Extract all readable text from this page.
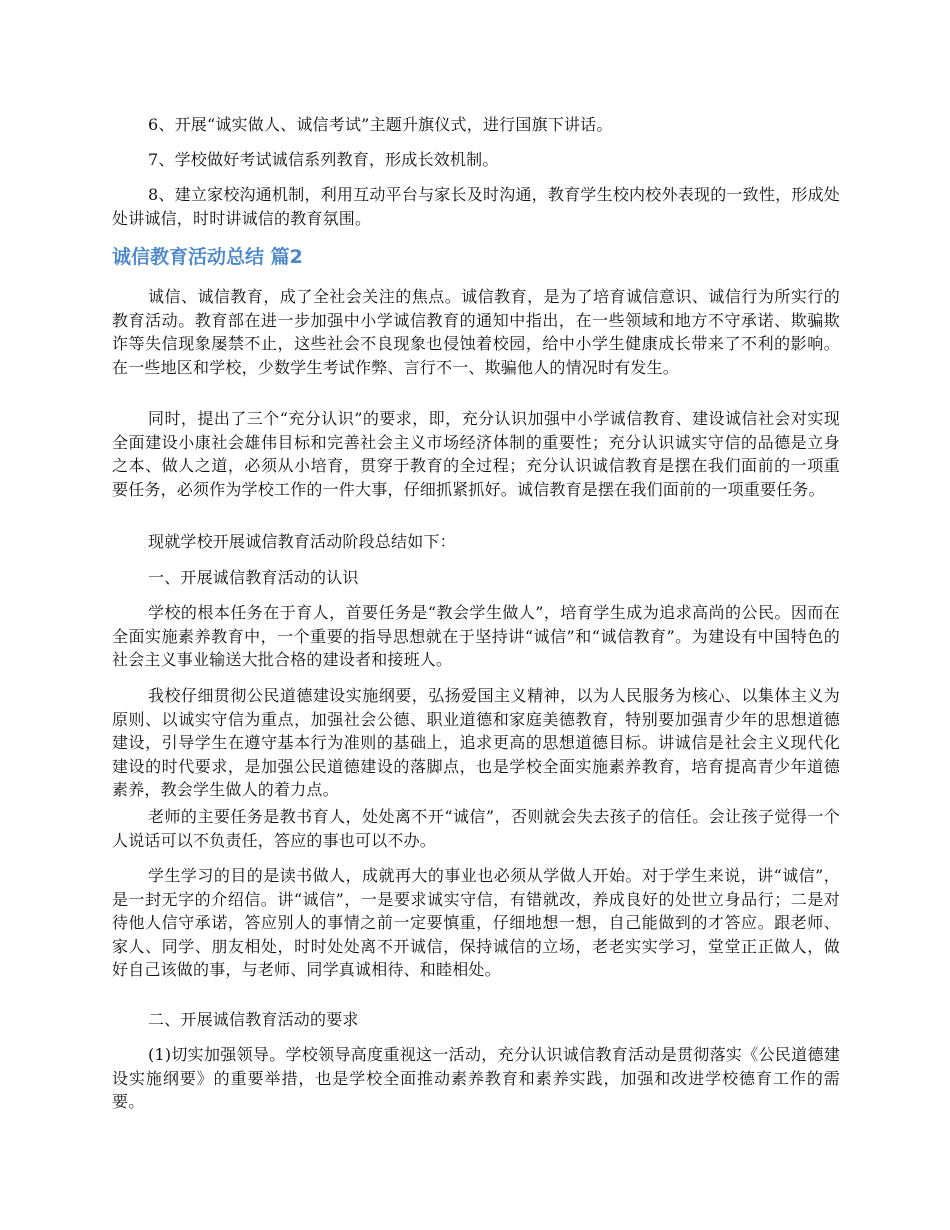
6、开展“诚实做人、诚信考试”主题升旗仪式，进行国旗下讲话。

7、学校做好考试诚信系列教育，形成长效机制。

8、建立家校沟通机制，利用互动平台与家长及时沟通，教育学生校内校外表现的一致性，形成处处讲诚信，时时讲诚信的教育氛围。

诚信教育活动总结 篇2

诚信、诚信教育，成了全社会关注的焦点。诚信教育，是为了培育诚信意识、诚信行为所实行的教育活动。教育部在进一步加强中小学诚信教育的通知中指出，在一些领域和地方不守承诺、欺骗欺诈等失信现象屡禁不止，这些社会不良现象也侵蚀着校园，给中小学生健康成长带来了不利的影响。在一些地区和学校，少数学生考试作弊、言行不一、欺骗他人的情况时有发生。

同时，提出了三个“充分认识”的要求，即，充分认识加强中小学诚信教育、建设诚信社会对实现全面建设小康社会雄伟目标和完善社会主义市场经济体制的重要性；充分认识诚实守信的品德是立身之本、做人之道，必须从小培育，贯穿于教育的全过程；充分认识诚信教育是摆在我们面前的一项重要任务，必须作为学校工作的一件大事，仔细抓紧抓好。诚信教育是摆在我们面前的一项重要任务。

现就学校开展诚信教育活动阶段总结如下：

一、开展诚信教育活动的认识

学校的根本任务在于育人，首要任务是“教会学生做人”，培育学生成为追求高尚的公民。因而在全面实施素养教育中，一个重要的指导思想就在于坚持讲“诚信”和“诚信教育”。为建设有中国特色的社会主义事业输送大批合格的建设者和接班人。

我校仔细贯彻公民道德建设实施纲要，弘扬爱国主义精神，以为人民服务为核心、以集体主义为原则、以诚实守信为重点，加强社会公德、职业道德和家庭美德教育，特别要加强青少年的思想道德建设，引导学生在遵守基本行为准则的基础上，追求更高的思想道德目标。讲诚信是社会主义现代化建设的时代要求，是加强公民道德建设的落脚点，也是学校全面实施素养教育，培育提高青少年道德素养，教会学生做人的着力点。

老师的主要任务是教书育人，处处离不开“诚信”，否则就会失去孩子的信任。会让孩子觉得一个人说话可以不负责任，答应的事也可以不办。

学生学习的目的是读书做人，成就再大的事业也必须从学做人开始。对于学生来说，讲“诚信”，是一封无字的介绍信。讲“诚信”，一是要求诚实守信，有错就改，养成良好的处世立身品行；二是对待他人信守承诺，答应别人的事情之前一定要慎重，仔细地想一想，自己能做到的才答应。跟老师、家人、同学、朋友相处，时时处处离不开诚信，保持诚信的立场，老老实实学习，堂堂正正做人，做好自己该做的事，与老师、同学真诚相待、和睦相处。

二、开展诚信教育活动的要求

(1)切实加强领导。学校领导高度重视这一活动，充分认识诚信教育活动是贯彻落实《公民道德建设实施纲要》的重要举措，也是学校全面推动素养教育和素养实践，加强和改进学校德育工作的需要。
